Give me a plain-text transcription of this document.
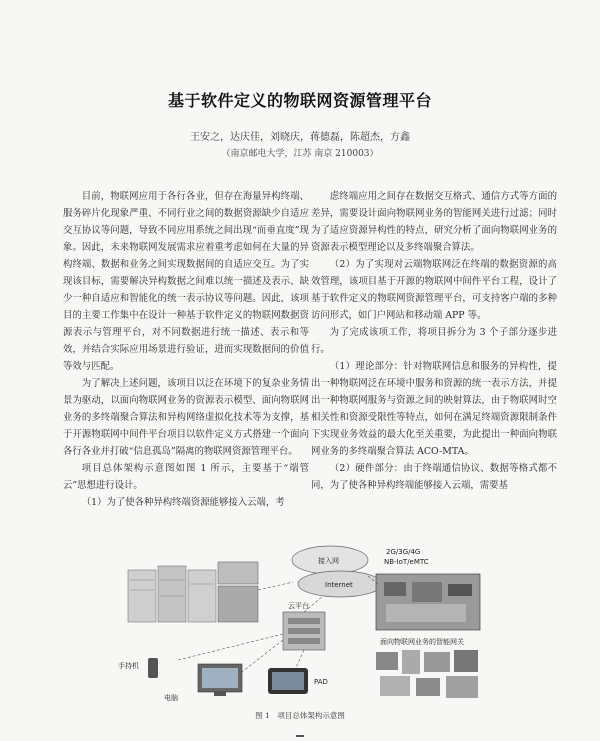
基于软件定义的物联网资源管理平台
王安之，达庆佳，刘晓庆，蒋德磊，陈超杰，方鑫
（南京邮电大学，江苏 南京 210003）

目前，物联网应用于各行各业，但存在海量异构终端、服务碎片化现象严重、不同行业之间的数据资源缺少自适应交互协议等问题，导致不同应用系统之间出现“而垂直度”现象。因此，未来物联网发展需求应着重考虑如何在大量的异构终端、数据和业务之间实现数据间的自适应交互。为了实现该目标，需要解决异构数据之间难以统一描述及表示、缺少一种自适应和智能化的统一表示协议等问题。因此，该项目的主要工作集中在设计一种基于软件定义的物联网数据资源表示与管理平台，对不同数据进行统一描述、表示和等效，并结合实际应用场景进行验证，进而实现数据间的价值等效与匹配。

为了解决上述问题，该项目以泛在环境下的复杂业务情景为驱动，以面向物联网业务的资源表示模型、面向物联网业务的多终端聚合算法和异构网络虚拟化技术等为支撑，基于开源物联网中间件平台项目以软件定义方式搭建一个面向各行各业并打破“信息孤岛”隔离的物联网资源管理平台。

项目总体架构示意图如图 1 所示，主要基于“端管云”思想进行设计。

（1）为了使各种异构终端资源能够接入云端，考

虑终端应用之间存在数据交互格式、通信方式等方面的差异，需要设计面向物联网业务的智能网关进行过滤；同时为了适应资源异构性的特点，研究分析了面向物联网业务的资源表示模型理论以及多终端聚合算法。

（2）为了实现对云端物联网泛在终端的数据资源的高效管理，该项目基于开源的物联网中间件平台工程，设计了基于软件定义的物联网资源管理平台，可支持客户端的多种访问形式，如门户网站和移动端 APP 等。

为了完成该项工作，将项目拆分为 3 个子部分逐步进行。

（1）理论部分：针对物联网信息和服务的异构性，提出一种物联网泛在环境中服务和资源的统一表示方法，并提出一种物联网服务与资源之间的映射算法，由于物联网时空相关性和资源受限性等特点，如何在满足终端资源限制条件下实现业务效益的最大化至关重要，为此提出一种面向物联网业务的多终端聚合算法 ACO-MTA。

（2）硬件部分：由于终端通信协议、数据等格式都不同，为了使各种异构终端能够接入云端，需要基

接入网
Internet
2G/3G/4G
NB-IoT/eMTC
云平台
面向物联网业务的智能网关
手持机
电脑
PAD
图 1　项目总体架构示意图
